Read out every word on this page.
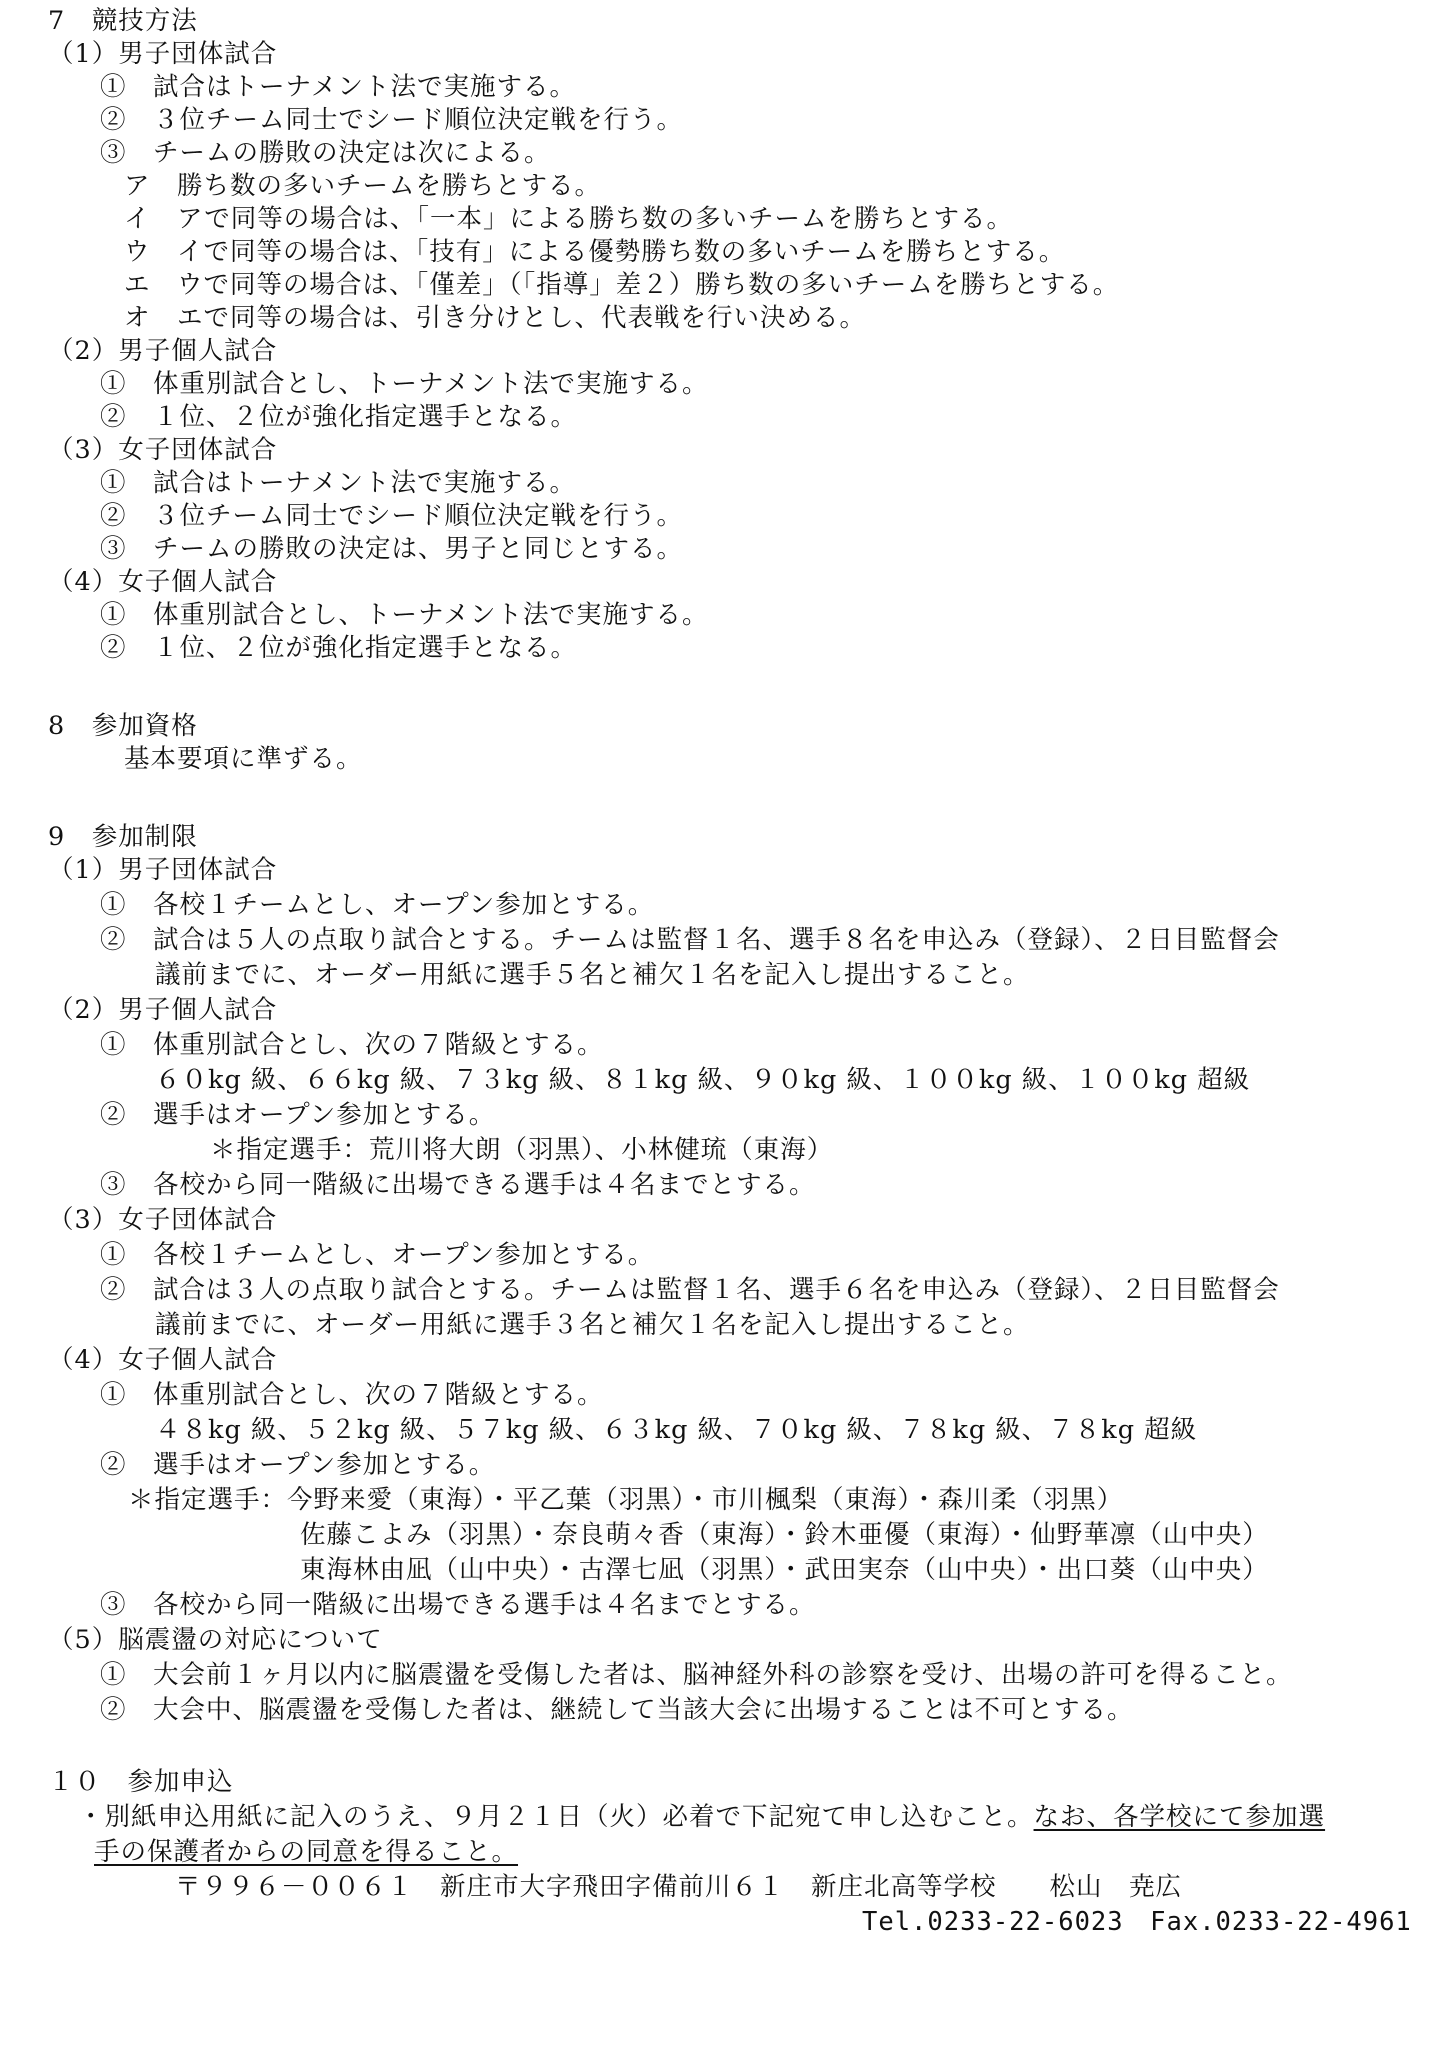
7　競技方法
（1）男子団体試合
①　試合はトーナメント法で実施する。
②　３位チーム同士でシード順位決定戦を行う。
③　チームの勝敗の決定は次による。
ア　勝ち数の多いチームを勝ちとする。
イ　アで同等の場合は、「一本」による勝ち数の多いチームを勝ちとする。
ウ　イで同等の場合は、「技有」による優勢勝ち数の多いチームを勝ちとする。
エ　ウで同等の場合は、「僅差」（「指導」差２）勝ち数の多いチームを勝ちとする。
オ　エで同等の場合は、引き分けとし、代表戦を行い決める。
（2）男子個人試合
①　体重別試合とし、トーナメント法で実施する。
②　１位、２位が強化指定選手となる。
（3）女子団体試合
①　試合はトーナメント法で実施する。
②　３位チーム同士でシード順位決定戦を行う。
③　チームの勝敗の決定は、男子と同じとする。
（4）女子個人試合
①　体重別試合とし、トーナメント法で実施する。
②　１位、２位が強化指定選手となる。
8　参加資格
基本要項に準ずる。
9　参加制限
（1）男子団体試合
①　各校１チームとし、オープン参加とする。
②　試合は５人の点取り試合とする。チームは監督１名、選手８名を申込み（登録）、２日目監督会
議前までに、オーダー用紙に選手５名と補欠１名を記入し提出すること。
（2）男子個人試合
①　体重別試合とし、次の７階級とする。
６０kg 級、６６kg 級、７３kg 級、８１kg 級、９０kg 級、１００kg 級、１００kg 超級
②　選手はオープン参加とする。
＊指定選手：荒川将大朗（羽黒）、小林健琉（東海）
③　各校から同一階級に出場できる選手は４名までとする。
（3）女子団体試合
①　各校１チームとし、オープン参加とする。
②　試合は３人の点取り試合とする。チームは監督１名、選手６名を申込み（登録）、２日目監督会
議前までに、オーダー用紙に選手３名と補欠１名を記入し提出すること。
（4）女子個人試合
①　体重別試合とし、次の７階級とする。
４８kg 級、５２kg 級、５７kg 級、６３kg 級、７０kg 級、７８kg 級、７８kg 超級
②　選手はオープン参加とする。
＊指定選手：今野来愛（東海）・平乙葉（羽黒）・市川楓梨（東海）・森川柔（羽黒）
佐藤こよみ（羽黒）・奈良萌々香（東海）・鈴木亜優（東海）・仙野華凛（山中央）
東海林由凪（山中央）・古澤七凪（羽黒）・武田実奈（山中央）・出口葵（山中央）
③　各校から同一階級に出場できる選手は４名までとする。
（5）脳震盪の対応について
①　大会前１ヶ月以内に脳震盪を受傷した者は、脳神経外科の診察を受け、出場の許可を得ること。
②　大会中、脳震盪を受傷した者は、継続して当該大会に出場することは不可とする。
１０　参加申込
・別紙申込用紙に記入のうえ、９月２１日（火）必着で下記宛て申し込むこと。なお、各学校にて参加選
手の保護者からの同意を得ること。
〒９９６－００６１　新庄市大字飛田字備前川６１　新庄北高等学校　　松山　尭広
Tel.0233-22-6023　Fax.0233-22-4961
